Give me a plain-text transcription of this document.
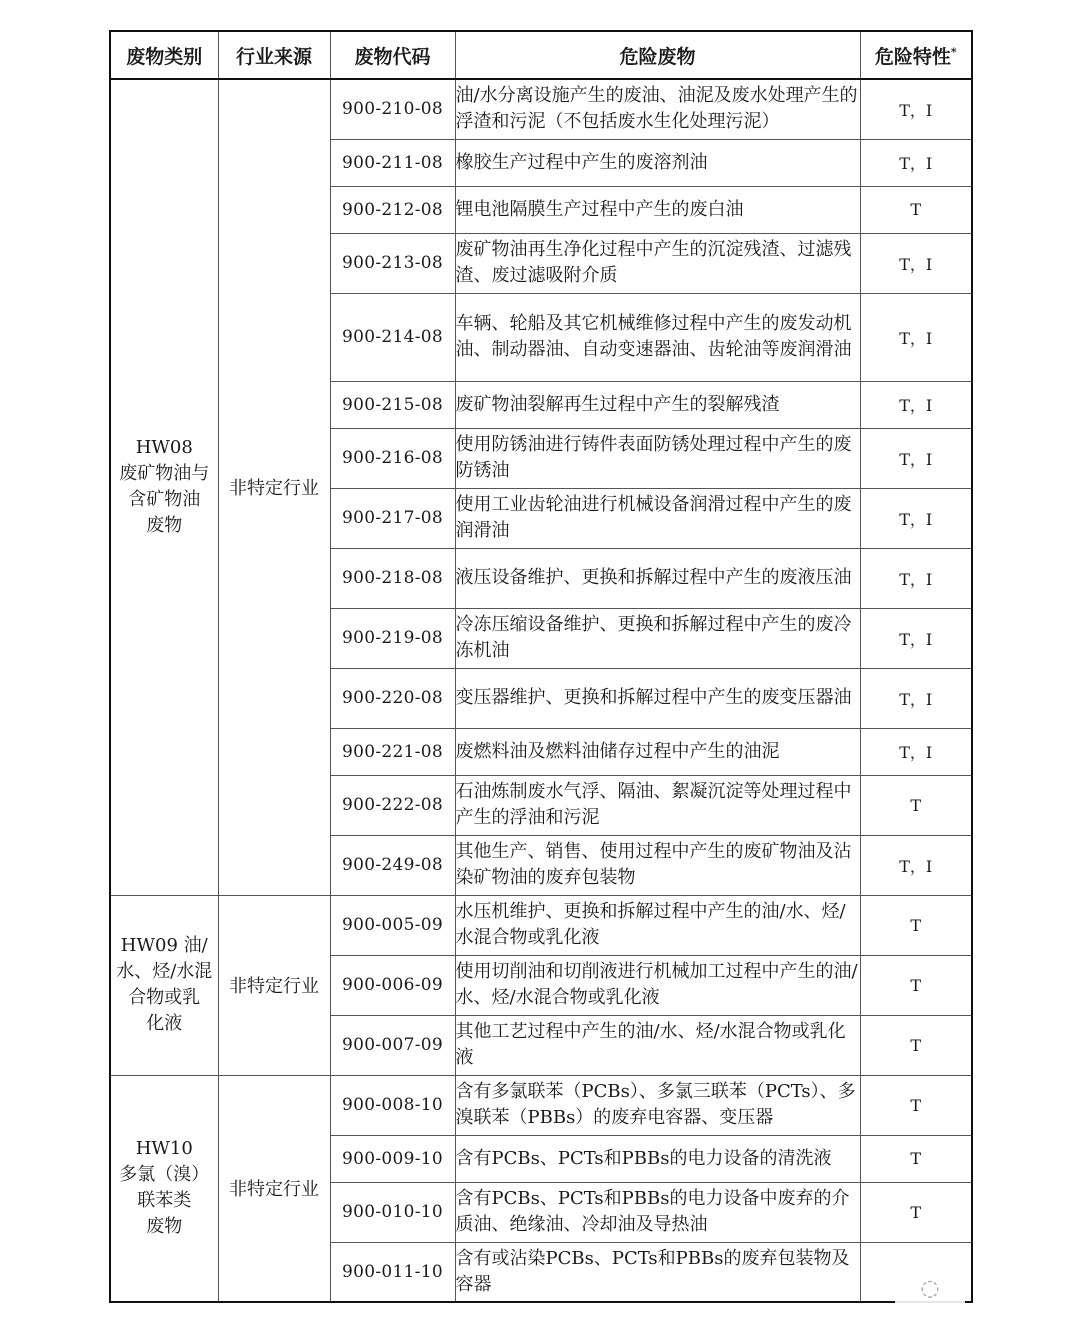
废物类别	行业来源	废物代码	危险废物	危险特性*

HW08
废矿物油与
含矿物油
废物	非特定行业	900-210-08	油/水分离设施产生的废油、油泥及废水处理产生的浮渣和污泥（不包括废水生化处理污泥）	T，I
		900-211-08	橡胶生产过程中产生的废溶剂油	T，I
		900-212-08	锂电池隔膜生产过程中产生的废白油	T
		900-213-08	废矿物油再生净化过程中产生的沉淀残渣、过滤残渣、废过滤吸附介质	T，I
		900-214-08	车辆、轮船及其它机械维修过程中产生的废发动机油、制动器油、自动变速器油、齿轮油等废润滑油	T，I
		900-215-08	废矿物油裂解再生过程中产生的裂解残渣	T，I
		900-216-08	使用防锈油进行铸件表面防锈处理过程中产生的废防锈油	T，I
		900-217-08	使用工业齿轮油进行机械设备润滑过程中产生的废润滑油	T，I
		900-218-08	液压设备维护、更换和拆解过程中产生的废液压油	T，I
		900-219-08	冷冻压缩设备维护、更换和拆解过程中产生的废冷冻机油	T，I
		900-220-08	变压器维护、更换和拆解过程中产生的废变压器油	T，I
		900-221-08	废燃料油及燃料油储存过程中产生的油泥	T，I
		900-222-08	石油炼制废水气浮、隔油、絮凝沉淀等处理过程中产生的浮油和污泥	T
		900-249-08	其他生产、销售、使用过程中产生的废矿物油及沾染矿物油的废弃包装物	T，I

HW09 油/
水、烃/水混
合物或乳
化液	非特定行业	900-005-09	水压机维护、更换和拆解过程中产生的油/水、烃/水混合物或乳化液	T
		900-006-09	使用切削油和切削液进行机械加工过程中产生的油/水、烃/水混合物或乳化液	T
		900-007-09	其他工艺过程中产生的油/水、烃/水混合物或乳化液	T

HW10
多氯（溴）
联苯类
废物	非特定行业	900-008-10	含有多氯联苯（PCBs）、多氯三联苯（PCTs）、多溴联苯（PBBs）的废弃电容器、变压器	T
		900-009-10	含有PCBs、PCTs和PBBs的电力设备的清洗液	T
		900-010-10	含有PCBs、PCTs和PBBs的电力设备中废弃的介质油、绝缘油、冷却油及导热油	T
		900-011-10	含有或沾染PCBs、PCTs和PBBs的废弃包装物及容器		◌
